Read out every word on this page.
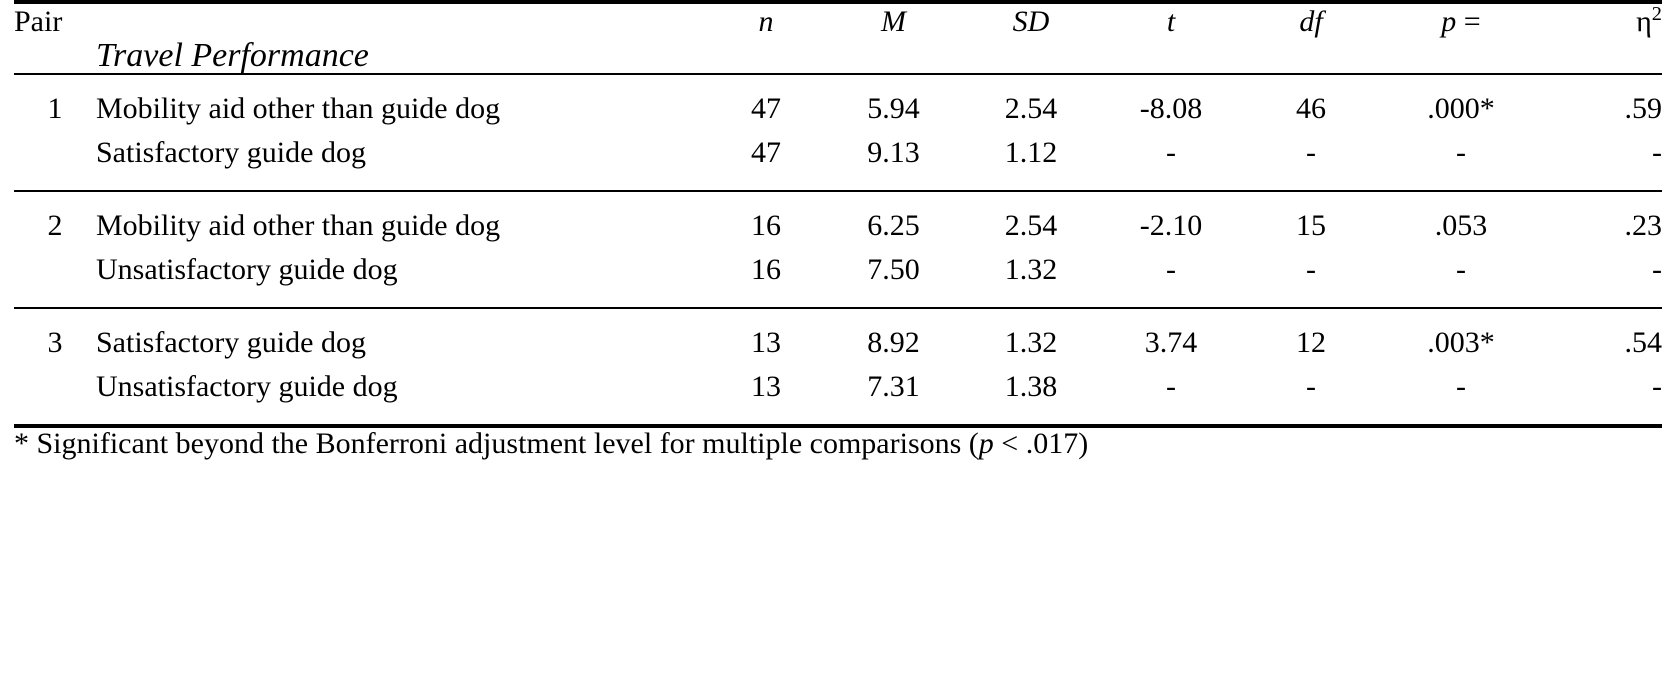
Pair		n	M	SD	t	df	p =	$\eta^2$
	Travel Performance							
1	Mobility aid other than guide dog	47	5.94	2.54	-8.08	46	.000*	.59
	Satisfactory guide dog	47	9.13	1.12	-	-	-	-
2	Mobility aid other than guide dog	16	6.25	2.54	-2.10	15	.053	.23
	Unsatisfactory guide dog	16	7.50	1.32	-	-	-	-
3	Satisfactory guide dog	13	8.92	1.32	3.74	12	.003*	.54
	Unsatisfactory guide dog	13	7.31	1.38	-	-	-	-
* Significant beyond the Bonferroni adjustment level for multiple comparisons (p < .017)								
